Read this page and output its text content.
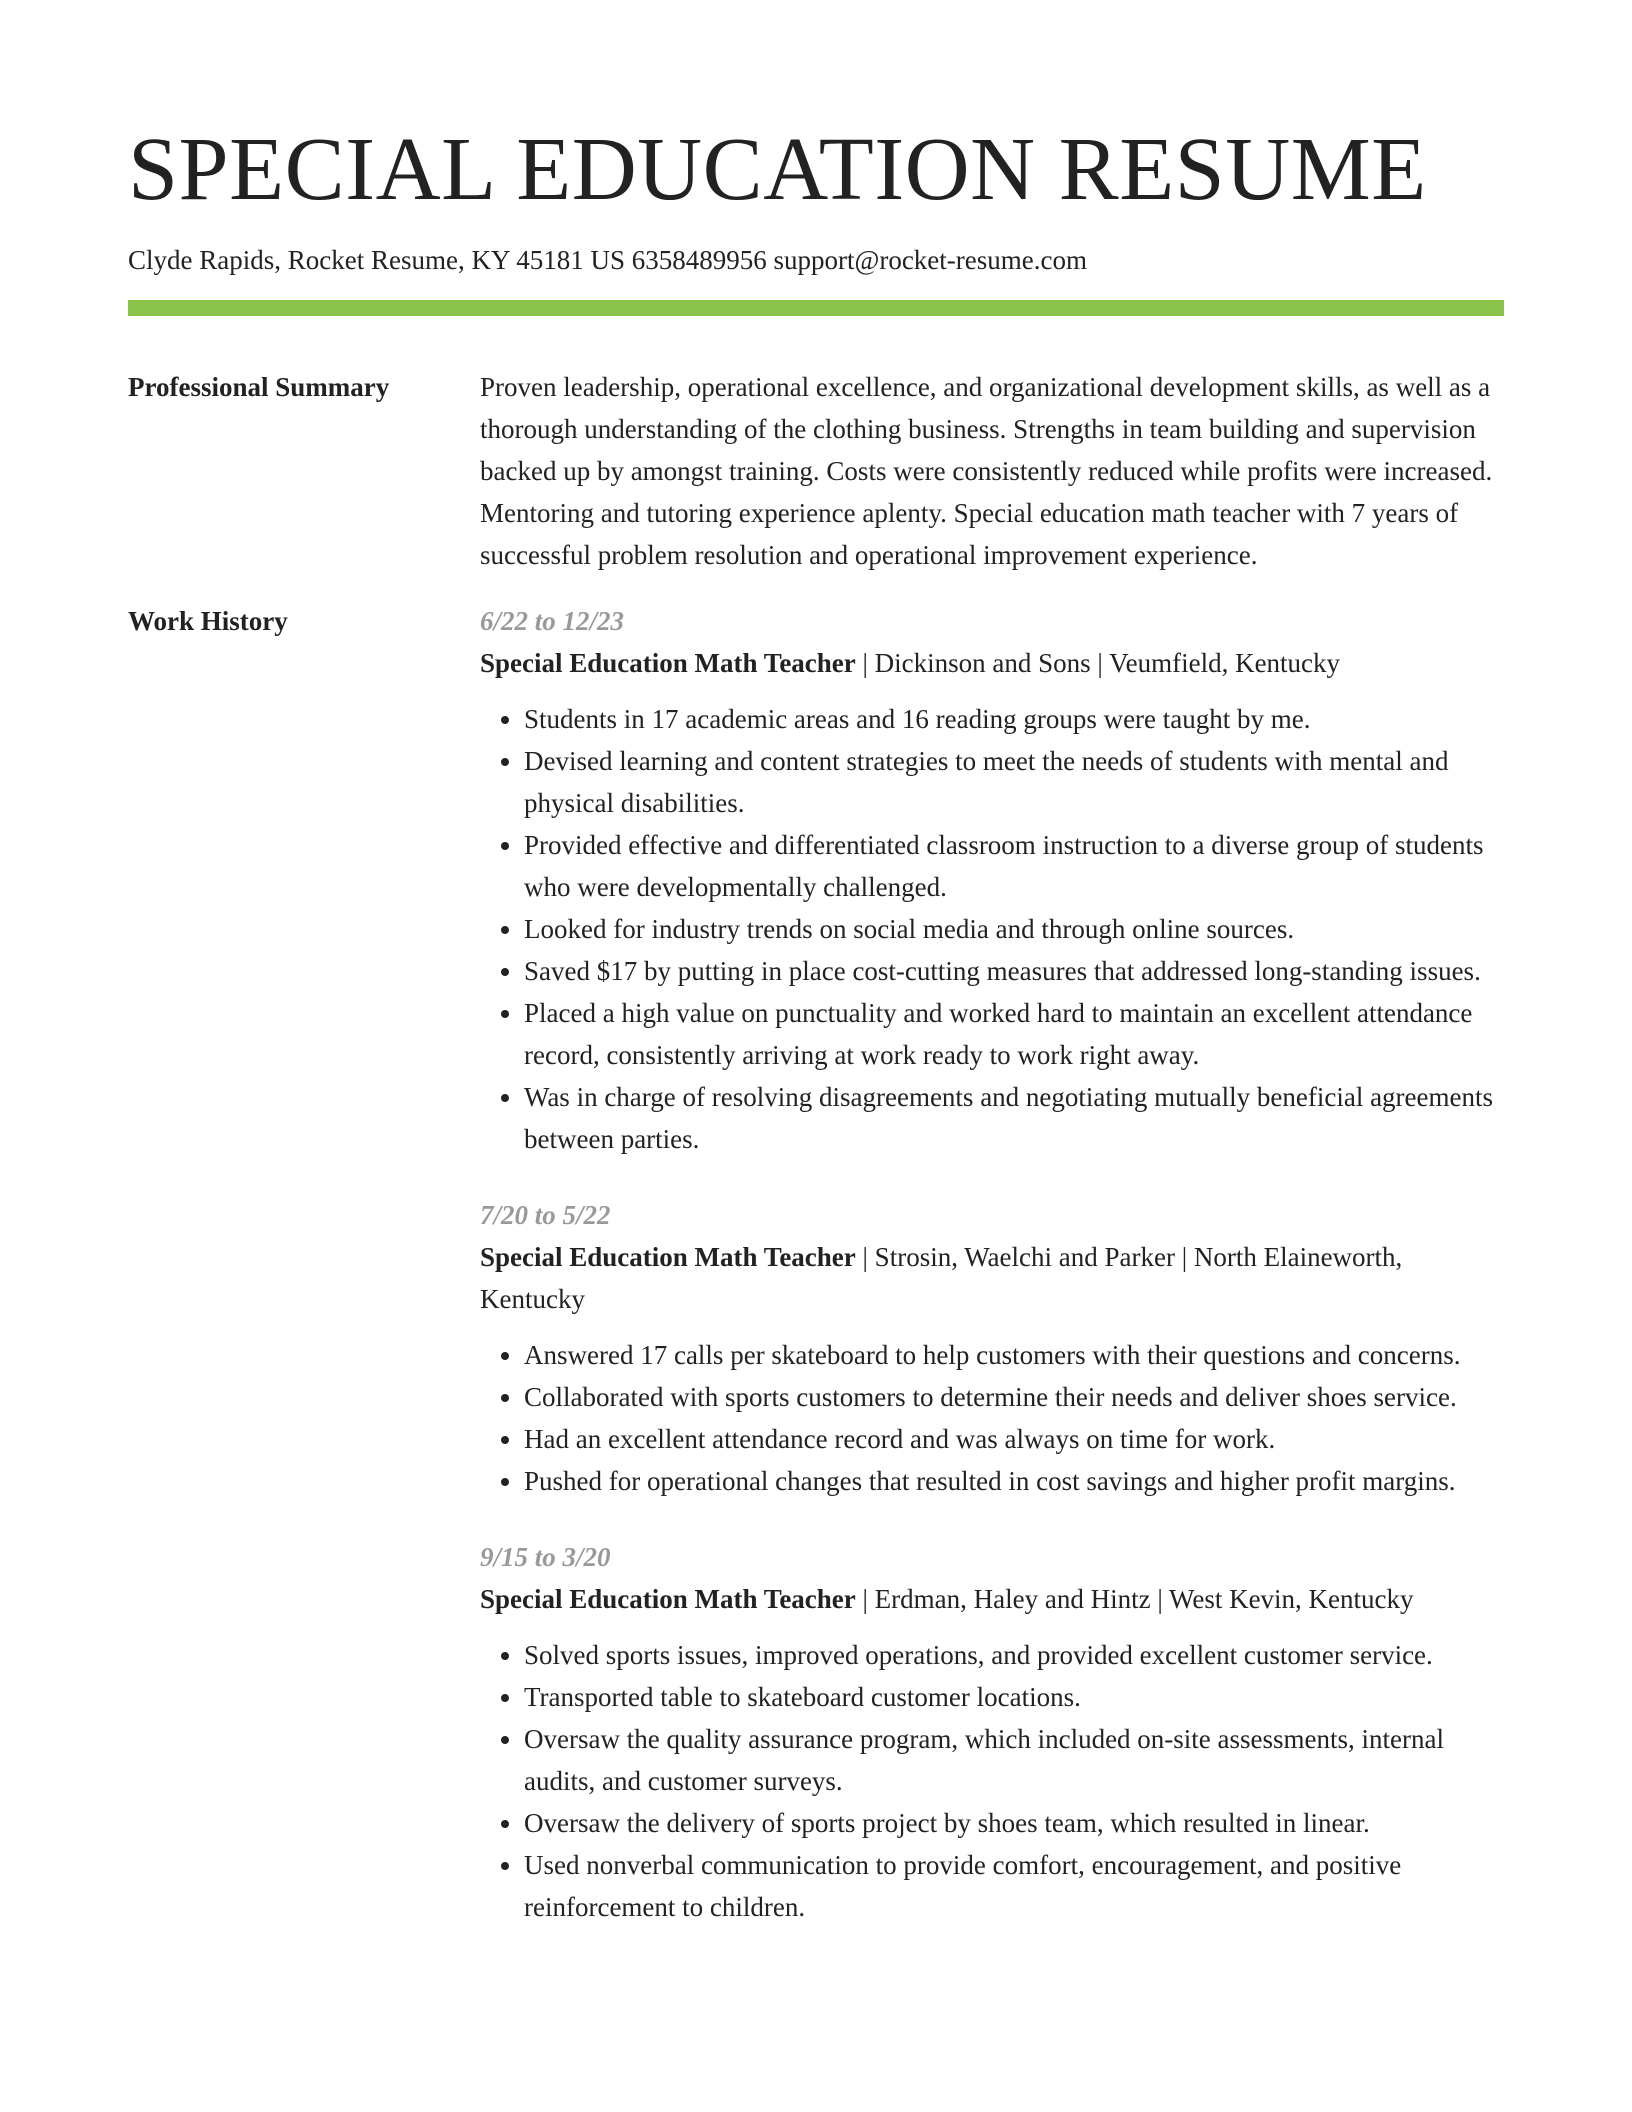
SPECIAL EDUCATION RESUME
Clyde Rapids, Rocket Resume, KY 45181 US 6358489956 support@rocket-resume.com
Professional Summary	Proven leadership, operational excellence, and organizational development skills, as well as a thorough understanding of the clothing business. Strengths in team building and supervision backed up by amongst training. Costs were consistently reduced while profits were increased. Mentoring and tutoring experience aplenty. Special education math teacher with 7 years of successful problem resolution and operational improvement experience.

Work History	6/22 to 12/23
Special Education Math Teacher | Dickinson and Sons | Veumfield, Kentucky
• Students in 17 academic areas and 16 reading groups were taught by me.
• Devised learning and content strategies to meet the needs of students with mental and physical disabilities.
• Provided effective and differentiated classroom instruction to a diverse group of students who were developmentally challenged.
• Looked for industry trends on social media and through online sources.
• Saved $17 by putting in place cost-cutting measures that addressed long-standing issues.
• Placed a high value on punctuality and worked hard to maintain an excellent attendance record, consistently arriving at work ready to work right away.
• Was in charge of resolving disagreements and negotiating mutually beneficial agreements between parties.
7/20 to 5/22
Special Education Math Teacher | Strosin, Waelchi and Parker | North Elaineworth, Kentucky
• Answered 17 calls per skateboard to help customers with their questions and concerns.
• Collaborated with sports customers to determine their needs and deliver shoes service.
• Had an excellent attendance record and was always on time for work.
• Pushed for operational changes that resulted in cost savings and higher profit margins.
9/15 to 3/20
Special Education Math Teacher | Erdman, Haley and Hintz | West Kevin, Kentucky
• Solved sports issues, improved operations, and provided excellent customer service.
• Transported table to skateboard customer locations.
• Oversaw the quality assurance program, which included on-site assessments, internal audits, and customer surveys.
• Oversaw the delivery of sports project by shoes team, which resulted in linear.
• Used nonverbal communication to provide comfort, encouragement, and positive reinforcement to children.
